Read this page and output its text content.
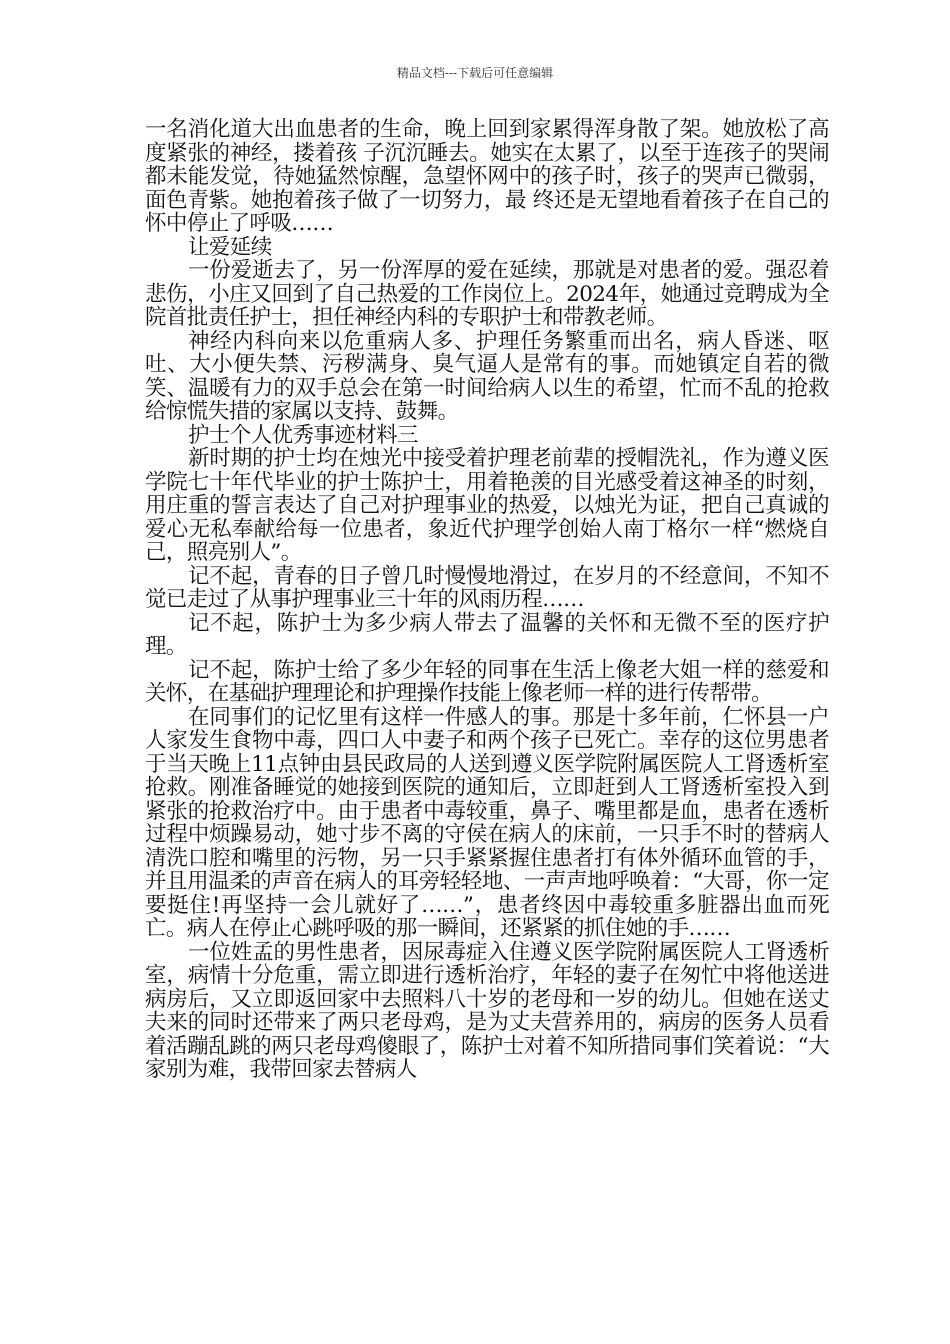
精品文档---下载后可任意编辑

一名消化道大出血患者的生命，晚上回到家累得浑身散了架。她放松了高度紧张的神经，搂着孩 子沉沉睡去。她实在太累了，以至于连孩子的哭闹都未能发觉，待她猛然惊醒，急望怀网中的孩子时，孩子的哭声已微弱，面色青紫。她抱着孩子做了一切努力，最 终还是无望地看着孩子在自己的怀中停止了呼吸……

让爱延续

一份爱逝去了，另一份浑厚的爱在延续，那就是对患者的爱。强忍着悲伤，小庄又回到了自己热爱的工作岗位上。2024年，她通过竞聘成为全院首批责任护士，担任神经内科的专职护士和带教老师。

神经内科向来以危重病人多、护理任务繁重而出名，病人昏迷、呕吐、大小便失禁、污秽满身、臭气逼人是常有的事。而她镇定自若的微笑、温暖有力的双手总会在第一时间给病人以生的希望，忙而不乱的抢救给惊慌失措的家属以支持、鼓舞。

护士个人优秀事迹材料三

新时期的护士均在烛光中接受着护理老前辈的授帽洗礼，作为遵义医学院七十年代毕业的护士陈护士，用着艳羡的目光感受着这神圣的时刻，用庄重的誓言表达了自己对护理事业的热爱，以烛光为证，把自己真诚的爱心无私奉献给每一位患者，象近代护理学创始人南丁格尔一样“燃烧自己，照亮别人”。

记不起，青春的日子曾几时慢慢地滑过，在岁月的不经意间，不知不觉已走过了从事护理事业三十年的风雨历程……

记不起，陈护士为多少病人带去了温馨的关怀和无微不至的医疗护理。

记不起，陈护士给了多少年轻的同事在生活上像老大姐一样的慈爱和关怀，在基础护理理论和护理操作技能上像老师一样的进行传帮带。

在同事们的记忆里有这样一件感人的事。那是十多年前，仁怀县一户人家发生食物中毒，四口人中妻子和两个孩子已死亡。幸存的这位男患者于当天晚上11点钟由县民政局的人送到遵义医学院附属医院人工肾透析室抢救。刚准备睡觉的她接到医院的通知后，立即赶到人工肾透析室投入到紧张的抢救治疗中。由于患者中毒较重，鼻子、嘴里都是血，患者在透析过程中烦躁易动，她寸步不离的守侯在病人的床前，一只手不时的替病人清洗口腔和嘴里的污物，另一只手紧紧握住患者打有体外循环血管的手，并且用温柔的声音在病人的耳旁轻轻地、一声声地呼唤着：“大哥，你一定要挺住!再坚持一会儿就好了……”，患者终因中毒较重多脏器出血而死亡。病人在停止心跳呼吸的那一瞬间，还紧紧的抓住她的手……

一位姓孟的男性患者，因尿毒症入住遵义医学院附属医院人工肾透析室，病情十分危重，需立即进行透析治疗，年轻的妻子在匆忙中将他送进病房后，又立即返回家中去照料八十岁的老母和一岁的幼儿。但她在送丈夫来的同时还带来了两只老母鸡，是为丈夫营养用的，病房的医务人员看着活蹦乱跳的两只老母鸡傻眼了，陈护士对着不知所措同事们笑着说：“大家别为难，我带回家去替病人
